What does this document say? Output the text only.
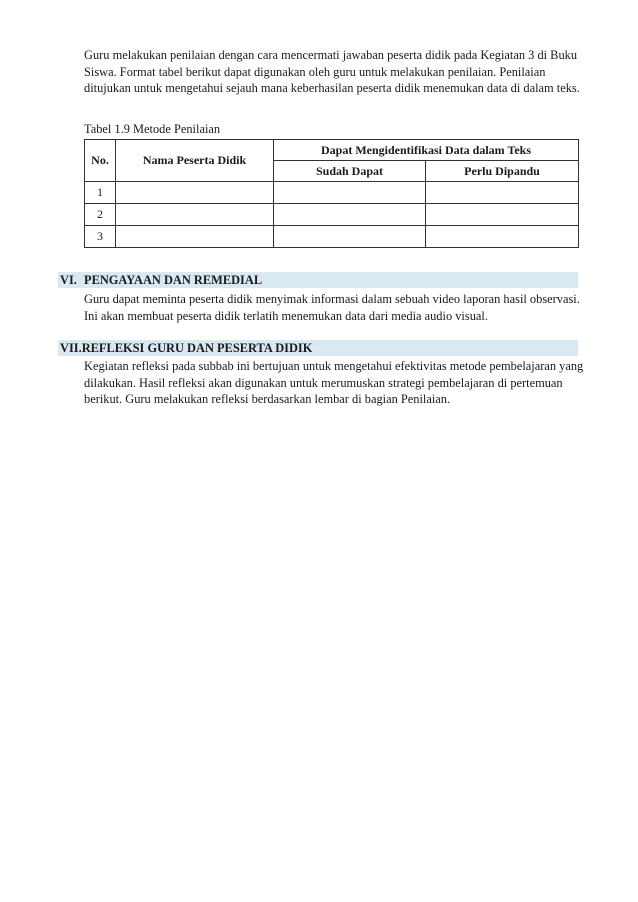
Guru melakukan penilaian dengan cara mencermati jawaban peserta didik pada Kegiatan 3 di Buku Siswa. Format tabel berikut dapat digunakan oleh guru untuk melakukan penilaian. Penilaian ditujukan untuk mengetahui sejauh mana keberhasilan peserta didik menemukan data di dalam teks.

Tabel 1.9 Metode Penilaian

No.	Nama Peserta Didik	Dapat Mengidentifikasi Data dalam Teks	
		Sudah Dapat	Perlu Dipandu
1			
2			
3			
VI. PENGAYAAN DAN REMEDIAL

Guru dapat meminta peserta didik menyimak informasi dalam sebuah video laporan hasil observasi. Ini akan membuat peserta didik terlatih menemukan data dari media audio visual.

VII.REFLEKSI GURU DAN PESERTA DIDIK

Kegiatan refleksi pada subbab ini bertujuan untuk mengetahui efektivitas metode pembelajaran yang dilakukan. Hasil refleksi akan digunakan untuk merumuskan strategi pembelajaran di pertemuan berikut. Guru melakukan refleksi berdasarkan lembar di bagian Penilaian.
